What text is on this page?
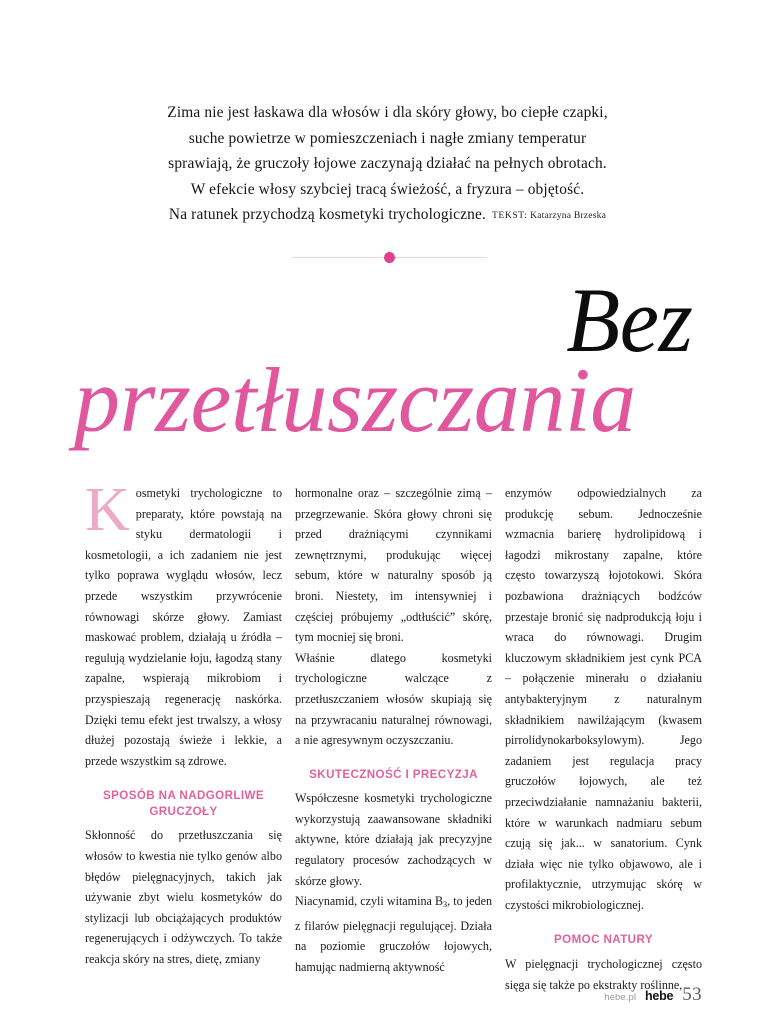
Zima nie jest łaskawa dla włosów i dla skóry głowy, bo ciepłe czapki,
suche powietrze w pomieszczeniach i nagłe zmiany temperatur
sprawiają, że gruczoły łojowe zaczynają działać na pełnych obrotach.
W efekcie włosy szybciej tracą świeżość, a fryzura – objętość.
Na ratunek przychodzą kosmetyki trychologiczne. TEKST: Katarzyna Brzeska
Bez
przetłuszczania

Kosmetyki trychologiczne to preparaty, które powstają na styku dermatologii i kosmetologii, a ich zadaniem nie jest tylko poprawa wyglądu włosów, lecz przede wszystkim przywrócenie równowagi skórze głowy. Zamiast maskować problem, działają u źródła – regulują wydzielanie łoju, łagodzą stany zapalne, wspierają mikrobiom i przyspieszają regenerację naskórka. Dzięki temu efekt jest trwalszy, a włosy dłużej pozostają świeże i lekkie, a przede wszystkim są zdrowe.

SPOSÓB NA NADGORLIWE GRUCZOŁY

Skłonność do przetłuszczania się włosów to kwestia nie tylko genów albo błędów pielęgnacyjnych, takich jak używanie zbyt wielu kosmetyków do stylizacji lub obciążających produktów regenerujących i odżywczych. To także reakcja skóry na stres, dietę, zmiany

hormonalne oraz – szczególnie zimą – przegrzewanie. Skóra głowy chroni się przed drażniącymi czynnikami zewnętrznymi, produkując więcej sebum, które w naturalny sposób ją broni. Niestety, im intensywniej i częściej próbujemy „odtłuścić” skórę, tym mocniej się broni.

Właśnie dlatego kosmetyki trychologiczne walczące z przetłuszczaniem włosów skupiają się na przywracaniu naturalnej równowagi, a nie agresywnym oczyszczaniu.

SKUTECZNOŚĆ I PRECYZJA

Współczesne kosmetyki trychologiczne wykorzystują zaawansowane składniki aktywne, które działają jak precyzyjne regulatory procesów zachodzących w skórze głowy.

Niacynamid, czyli witamina $B_3$, to jeden z filarów pielęgnacji regulującej. Działa na poziomie gruczołów łojowych, hamując nadmierną aktywność

enzymów odpowiedzialnych za produkcję sebum. Jednocześnie wzmacnia barierę hydrolipidową i łagodzi mikrostany zapalne, które często towarzyszą łojotokowi. Skóra pozbawiona drażniących bodźców przestaje bronić się nadprodukcją łoju i wraca do równowagi. Drugim kluczowym składnikiem jest cynk PCA – połączenie minerału o działaniu antybakteryjnym z naturalnym składnikiem nawilżającym (kwasem pirrolidynokarboksylowym). Jego zadaniem jest regulacja pracy gruczołów łojowych, ale też przeciwdziałanie namnażaniu bakterii, które w warunkach nadmiaru sebum czują się jak... w sanatorium. Cynk działa więc nie tylko objawowo, ale i profilaktycznie, utrzymując skórę w czystości mikrobiologicznej.

POMOC NATURY

W pielęgnacji trychologicznej często sięga się także po ekstrakty roślinne,

hebe.pl hebe 53
